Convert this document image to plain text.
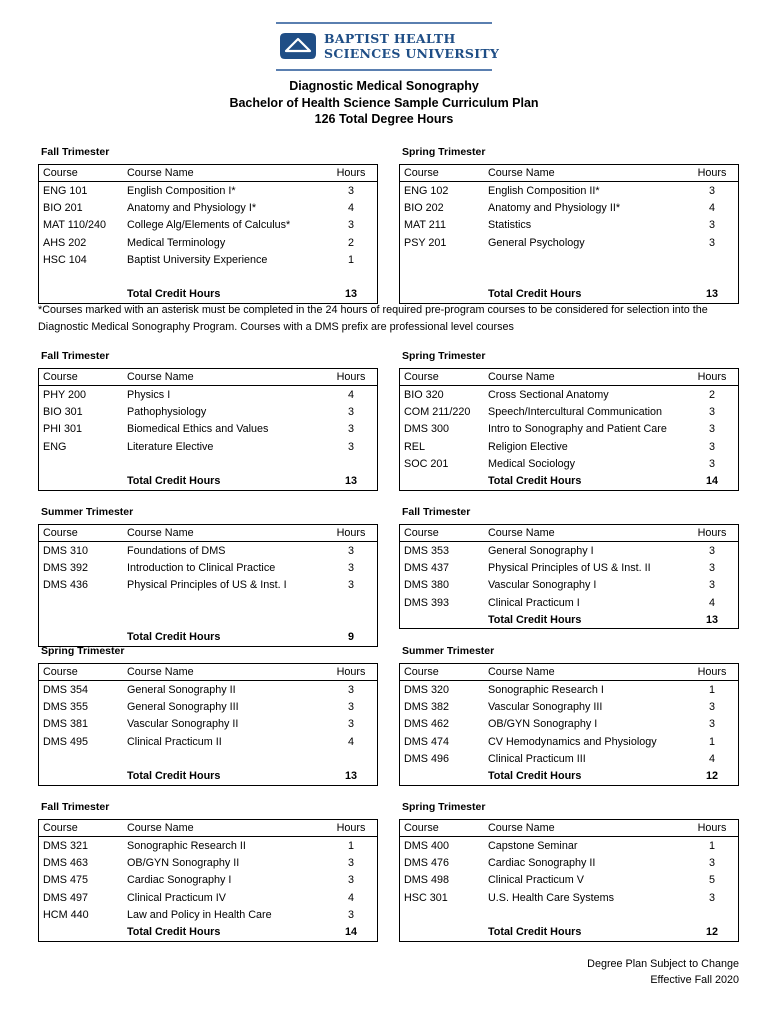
BAPTIST HEALTH
SCIENCES UNIVERSITY
Diagnostic Medical Sonography
Bachelor of Health Science Sample Curriculum Plan
126 Total Degree Hours
Fall Trimester
Course	Course Name	Hours
ENG 101	English Composition I*	3
BIO 201	Anatomy and Physiology I*	4
MAT 110/240	College Alg/Elements of Calculus*	3
AHS 202	Medical Terminology	2
HSC 104	Baptist University Experience	1

	Total Credit Hours	13
Spring Trimester
Course	Course Name	Hours
ENG 102	English Composition II*	3
BIO 202	Anatomy and Physiology II*	4
MAT 211	Statistics	3
PSY 201	General Psychology	3

	Total Credit Hours	13
Fall Trimester
Course	Course Name	Hours
PHY 200	Physics I	4
BIO 301	Pathophysiology	3
PHI 301	Biomedical Ethics and Values	3
ENG	Literature Elective	3

	Total Credit Hours	13
Spring Trimester
Course	Course Name	Hours
BIO 320	Cross Sectional Anatomy	2
COM 211/220	Speech/Intercultural Communication	3
DMS 300	Intro to Sonography and Patient Care	3
REL	Religion Elective	3
SOC 201	Medical Sociology	3
	Total Credit Hours	14
Summer Trimester
Course	Course Name	Hours
DMS 310	Foundations of DMS	3
DMS 392	Introduction to Clinical Practice	3
DMS 436	Physical Principles of US & Inst. I	3

	Total Credit Hours	9
Fall Trimester
Course	Course Name	Hours
DMS 353	General Sonography I	3
DMS 437	Physical Principles of US & Inst. II	3
DMS 380	Vascular Sonography I	3
DMS 393	Clinical Practicum I	4
	Total Credit Hours	13
Spring Trimester
Course	Course Name	Hours
DMS 354	General Sonography II	3
DMS 355	General Sonography III	3
DMS 381	Vascular Sonography II	3
DMS 495	Clinical Practicum II	4

	Total Credit Hours	13
Summer Trimester
Course	Course Name	Hours
DMS 320	Sonographic Research I	1
DMS 382	Vascular Sonography III	3
DMS 462	OB/GYN Sonography I	3
DMS 474	CV Hemodynamics and Physiology	1
DMS 496	Clinical Practicum III	4
	Total Credit Hours	12
Fall Trimester
Course	Course Name	Hours
DMS 321	Sonographic Research II	1
DMS 463	OB/GYN Sonography II	3
DMS 475	Cardiac Sonography I	3
DMS 497	Clinical Practicum IV	4
HCM 440	Law and Policy in Health Care	3
	Total Credit Hours	14
Spring Trimester
Course	Course Name	Hours
DMS 400	Capstone Seminar	1
DMS 476	Cardiac Sonography II	3
DMS 498	Clinical Practicum V	5
HSC 301	U.S. Health Care Systems	3

	Total Credit Hours	12
*Courses marked with an asterisk must be completed in the 24 hours of required pre-program courses to be considered for selection into the Diagnostic Medical Sonography Program. Courses with a DMS prefix are professional level courses
Degree Plan Subject to Change
Effective Fall 2020
